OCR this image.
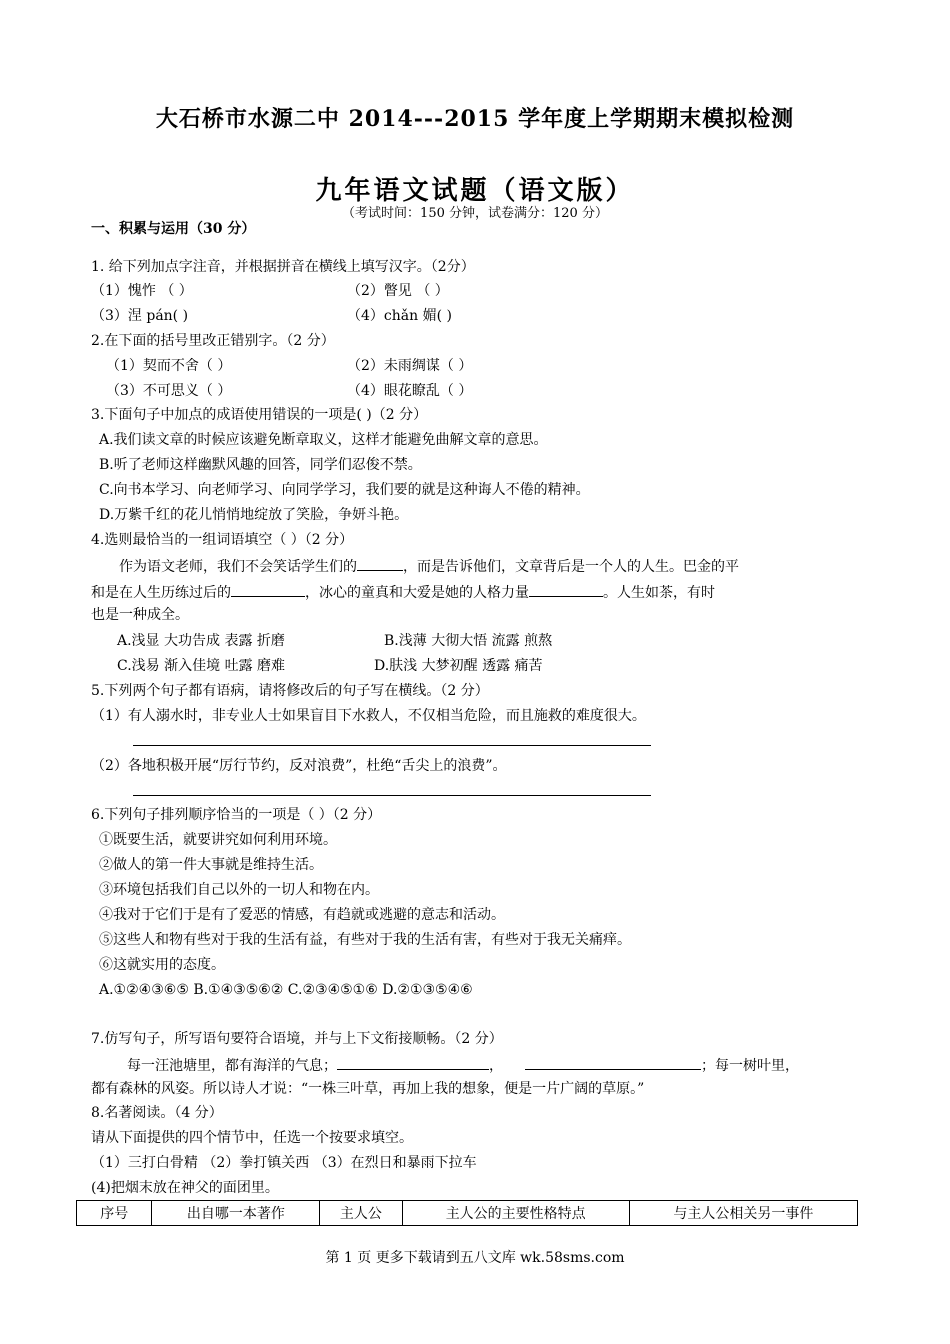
大石桥市水源二中 2014---2015 学年度上学期期末模拟检测
九年语文试题（语文版）
（考试时间：150 分钟，试卷满分：120 分）
一、积累与运用（30 分）
1. 给下列加点字注音，并根据拼音在横线上填写汉字。（2分）
（1）愧怍 （ ）	（2）瞥见 （ ）
（3）涅 pán( )	（4）chǎn 媚( )
2.在下面的括号里改正错别字。（2 分）
（1）契而不舍（ ）	（2）未雨绸谋（ ）
（3）不可思义（ ）	（4）眼花瞭乱（ ）
3.下面句子中加点的成语使用错误的一项是( )（2 分）
A.我们读文章的时候应该避免断章取义，这样才能避免曲解文章的意思。
B.听了老师这样幽默风趣的回答，同学们忍俊不禁。
C.向书本学习、向老师学习、向同学学习，我们要的就是这种诲人不倦的精神。
D.万紫千红的花儿悄悄地绽放了笑脸，争妍斗艳。
4.选则最恰当的一组词语填空（ ）（2 分）
作为语文老师，我们不会笑话学生们的	，而是告诉他们，文章背后是一个人的人生。巴金的平
和是在人生历练过后的	，冰心的童真和大爱是她的人格力量	。人生如茶，有时
也是一种成全。
A.浅显 大功告成 表露 折磨	B.浅薄 大彻大悟 流露 煎熬
C.浅易 渐入佳境 吐露 磨难	D.肤浅 大梦初醒 透露 痛苦
5.下列两个句子都有语病，请将修改后的句子写在横线。（2 分）
（1）有人溺水时，非专业人士如果盲目下水救人，不仅相当危险，而且施救的难度很大。
（2）各地积极开展“厉行节约，反对浪费”，杜绝“舌尖上的浪费”。
6.下列句子排列顺序恰当的一项是（ ）（2 分）
①既要生活，就要讲究如何利用环境。
②做人的第一件大事就是维持生活。
③环境包括我们自己以外的一切人和物在内。
④我对于它们于是有了爱恶的情感，有趋就或逃避的意志和活动。
⑤这些人和物有些对于我的生活有益，有些对于我的生活有害，有些对于我无关痛痒。
⑥这就实用的态度。
A.①②④③⑥⑤ B.①④③⑤⑥② C.②③④⑤①⑥ D.②①③⑤④⑥
7.仿写句子，所写语句要符合语境，并与上下文衔接顺畅。（2 分）
每一汪池塘里，都有海洋的气息；	，	；每一树叶里，
都有森林的风姿。所以诗人才说：“一株三叶草，再加上我的想象，便是一片广阔的草原。”
8.名著阅读。（4 分）
请从下面提供的四个情节中，任选一个按要求填空。
（1）三打白骨精 （2）拳打镇关西 （3）在烈日和暴雨下拉车
(4)把烟末放在神父的面团里。
序号	出自哪一本著作	主人公	主人公的主要性格特点	与主人公相关另一事件
第 1 页 更多下载请到五八文库 wk.58sms.com
